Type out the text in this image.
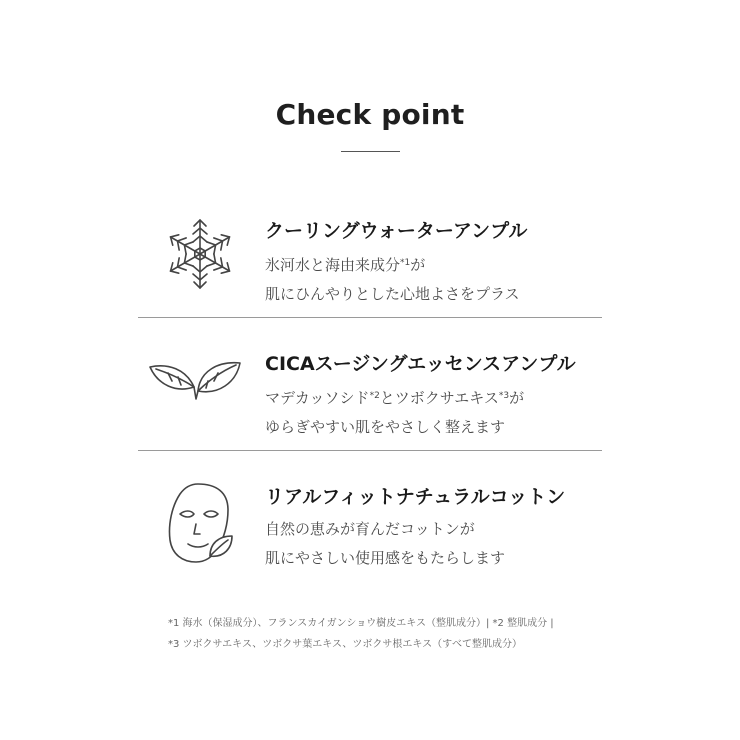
Check point
クーリングウォーターアンプル
氷河水と海由来成分$^{*1}$が
肌にひんやりとした心地よさをプラス
CICAスージングエッセンスアンプル
マデカッソシド$^{*2}$とツボクサエキス$^{*3}$が
ゆらぎやすい肌をやさしく整えます
リアルフィットナチュラルコットン
自然の恵みが育んだコットンが
肌にやさしい使用感をもたらします
*1 海水（保湿成分）、フランスカイガンショウ樹皮エキス（整肌成分）| *2 整肌成分 |
*3 ツボクサエキス、ツボクサ葉エキス、ツボクサ根エキス（すべて整肌成分）
